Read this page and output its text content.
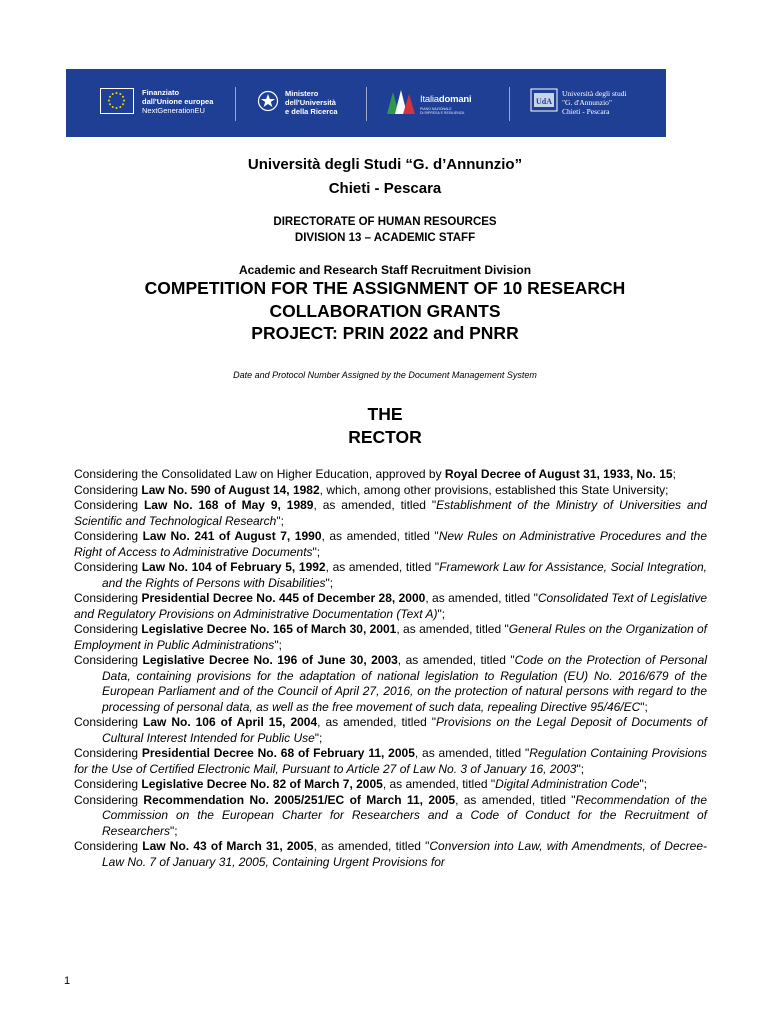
Finanziato
dall'Unione europea
NextGenerationEU
Ministero
dell'Università
e della Ricerca
Italiadomani
PIANO NAZIONALE
DI RIPRESA E RESILIENZA
UdA
Università degli studi
"G. d'Annunzio"
Chieti - Pescara
Università degli Studi “G. d’Annunzio”
Chieti - Pescara
DIRECTORATE OF HUMAN RESOURCES
DIVISION 13 – ACADEMIC STAFF
Academic and Research Staff Recruitment Division
COMPETITION FOR THE ASSIGNMENT OF 10 RESEARCH
COLLABORATION GRANTS
PROJECT: PRIN 2022 and PNRR
Date and Protocol Number Assigned by the Document Management System
THE
RECTOR

Considering the Consolidated Law on Higher Education, approved by Royal Decree of August 31, 1933, No. 15;

Considering Law No. 590 of August 14, 1982, which, among other provisions, established this State University;

Considering Law No. 168 of May 9, 1989, as amended, titled "Establishment of the Ministry of Universities and Scientific and Technological Research";

Considering Law No. 241 of August 7, 1990, as amended, titled "New Rules on Administrative Procedures and the Right of Access to Administrative Documents";

Considering Law No. 104 of February 5, 1992, as amended, titled "Framework Law for Assistance, Social Integration, and the Rights of Persons with Disabilities";

Considering Presidential Decree No. 445 of December 28, 2000, as amended, titled "Consolidated Text of Legislative and Regulatory Provisions on Administrative Documentation (Text A)";

Considering Legislative Decree No. 165 of March 30, 2001, as amended, titled "General Rules on the Organization of Employment in Public Administrations";

Considering Legislative Decree No. 196 of June 30, 2003, as amended, titled "Code on the Protection of Personal Data, containing provisions for the adaptation of national legislation to Regulation (EU) No. 2016/679 of the European Parliament and of the Council of April 27, 2016, on the protection of natural persons with regard to the processing of personal data, as well as the free movement of such data, repealing Directive 95/46/EC";

Considering Law No. 106 of April 15, 2004, as amended, titled "Provisions on the Legal Deposit of Documents of Cultural Interest Intended for Public Use";

Considering Presidential Decree No. 68 of February 11, 2005, as amended, titled "Regulation Containing Provisions for the Use of Certified Electronic Mail, Pursuant to Article 27 of Law No. 3 of January 16, 2003";

Considering Legislative Decree No. 82 of March 7, 2005, as amended, titled "Digital Administration Code";

Considering Recommendation No. 2005/251/EC of March 11, 2005, as amended, titled "Recommendation of the Commission on the European Charter for Researchers and a Code of Conduct for the Recruitment of Researchers";

Considering Law No. 43 of March 31, 2005, as amended, titled "Conversion into Law, with Amendments, of Decree-Law No. 7 of January 31, 2005, Containing Urgent Provisions for

1
